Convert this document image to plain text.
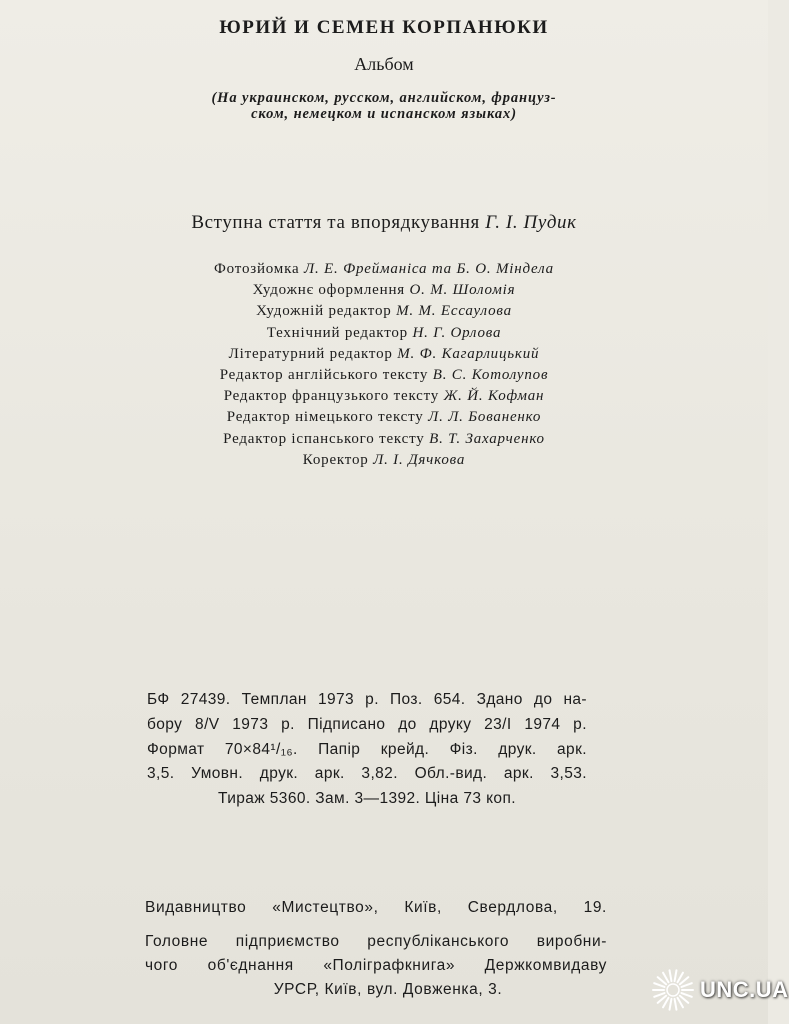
ЮРИЙ И СЕМЕН КОРПАНЮКИ
Альбом
(На украинском, русском, английском, француз-
ском, немецком и испанском языках)
Вступна стаття та впорядкування Г. І. Пудик
Фотозйомка Л. Е. Фрейманіса та Б. О. Міндела
Художнє оформлення О. М. Шоломія
Художній редактор М. М. Ессаулова
Технічний редактор Н. Г. Орлова
Літературний редактор М. Ф. Кагарлицький
Редактор англійського тексту В. С. Котолупов
Редактор французького тексту Ж. Й. Кофман
Редактор німецького тексту Л. Л. Бованенко
Редактор іспанського тексту В. Т. Захарченко
Коректор Л. І. Дячкова
БФ 27439. Темплан 1973 р. Поз. 654. Здано до на-
бору 8/V 1973 р. Підписано до друку 23/I 1974 р.
Формат 70×84¹/₁₆. Папір крейд. Фіз. друк. арк.
3,5. Умовн. друк. арк. 3,82. Обл.-вид. арк. 3,53.
Тираж 5360. Зам. 3—1392. Ціна 73 коп.
Видавництво «Мистецтво», Київ, Свердлова, 19.
Головне підприємство республіканського виробни-
чого об'єднання «Поліграфкнига» Держкомвидаву
УРСР, Київ, вул. Довженка, 3.	UNC.UA
